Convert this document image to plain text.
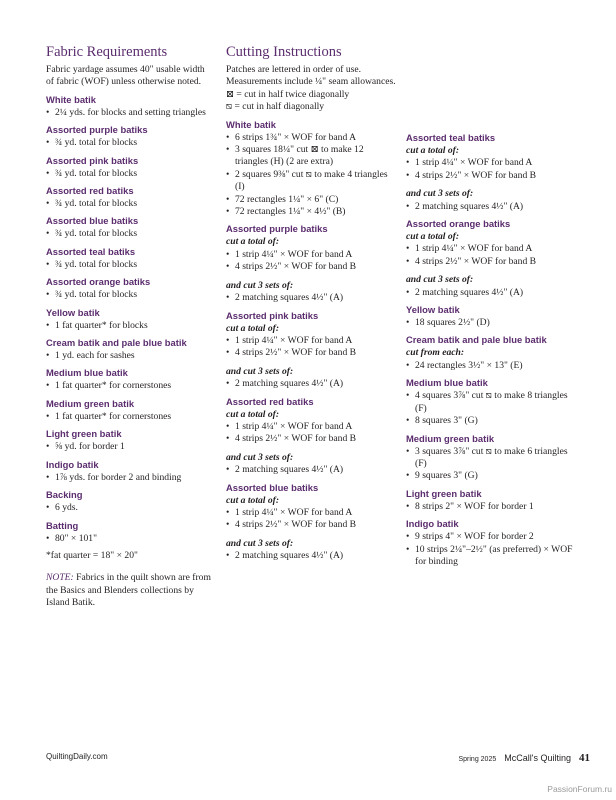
Fabric Requirements

Fabric yardage assumes 40" usable width of fabric (WOF) unless otherwise noted.

White batik
• 2¼ yds. for blocks and setting triangles
Assorted purple batiks
• ¾ yd. total for blocks
Assorted pink batiks
• ¾ yd. total for blocks
Assorted red batiks
• ¾ yd. total for blocks
Assorted blue batiks
• ¾ yd. total for blocks
Assorted teal batiks
• ¾ yd. total for blocks
Assorted orange batiks
• ¾ yd. total for blocks
Yellow batik
• 1 fat quarter* for blocks
Cream batik and pale blue batik
• 1 yd. each for sashes
Medium blue batik
• 1 fat quarter* for cornerstones
Medium green batik
• 1 fat quarter* for cornerstones
Light green batik
• ⅝ yd. for border 1
Indigo batik
• 1⅞ yds. for border 2 and binding
Backing
• 6 yds.
Batting
• 80" × 101"

*fat quarter = 18" × 20"

NOTE: Fabrics in the quilt shown are from the Basics and Blenders collections by Island Batik.

Cutting Instructions

Patches are lettered in order of use.

Measurements include ¼" seam allowances.

⊠ = cut in half twice diagonally

⧅ = cut in half diagonally

White batik
• 6 strips 1¾" × WOF for band A
• 3 squares 18¼" cut ⊠ to make 12 triangles (H) (2 are extra)
• 2 squares 9⅜" cut ⧅ to make 4 triangles (I)
• 72 rectangles 1¼" × 6" (C)
• 72 rectangles 1¼" × 4½" (B)
Assorted purple batiks

cut a total of:

• 1 strip 4¼" × WOF for band A
• 4 strips 2½" × WOF for band B

and cut 3 sets of:

• 2 matching squares 4½" (A)
Assorted pink batiks

cut a total of:

• 1 strip 4¼" × WOF for band A
• 4 strips 2½" × WOF for band B

and cut 3 sets of:

• 2 matching squares 4½" (A)
Assorted red batiks

cut a total of:

• 1 strip 4¼" × WOF for band A
• 4 strips 2½" × WOF for band B

and cut 3 sets of:

• 2 matching squares 4½" (A)
Assorted blue batiks

cut a total of:

• 1 strip 4¼" × WOF for band A
• 4 strips 2½" × WOF for band B

and cut 3 sets of:

• 2 matching squares 4½" (A)
Assorted teal batiks

cut a total of:

• 1 strip 4¼" × WOF for band A
• 4 strips 2½" × WOF for band B

and cut 3 sets of:

• 2 matching squares 4½" (A)
Assorted orange batiks

cut a total of:

• 1 strip 4¼" × WOF for band A
• 4 strips 2½" × WOF for band B

and cut 3 sets of:

• 2 matching squares 4½" (A)
Yellow batik
• 18 squares 2½" (D)
Cream batik and pale blue batik

cut from each:

• 24 rectangles 3½" × 13" (E)
Medium blue batik
• 4 squares 3⅞" cut ⧅ to make 8 triangles (F)
• 8 squares 3" (G)
Medium green batik
• 3 squares 3⅞" cut ⧅ to make 6 triangles (F)
• 9 squares 3" (G)
Light green batik
• 8 strips 2" × WOF for border 1
Indigo batik
• 9 strips 4" × WOF for border 2
• 10 strips 2¼"–2½" (as preferred) × WOF for binding
QuiltingDaily.com	Spring 2025 McCall's Quilting 41
PassionForum.ru
